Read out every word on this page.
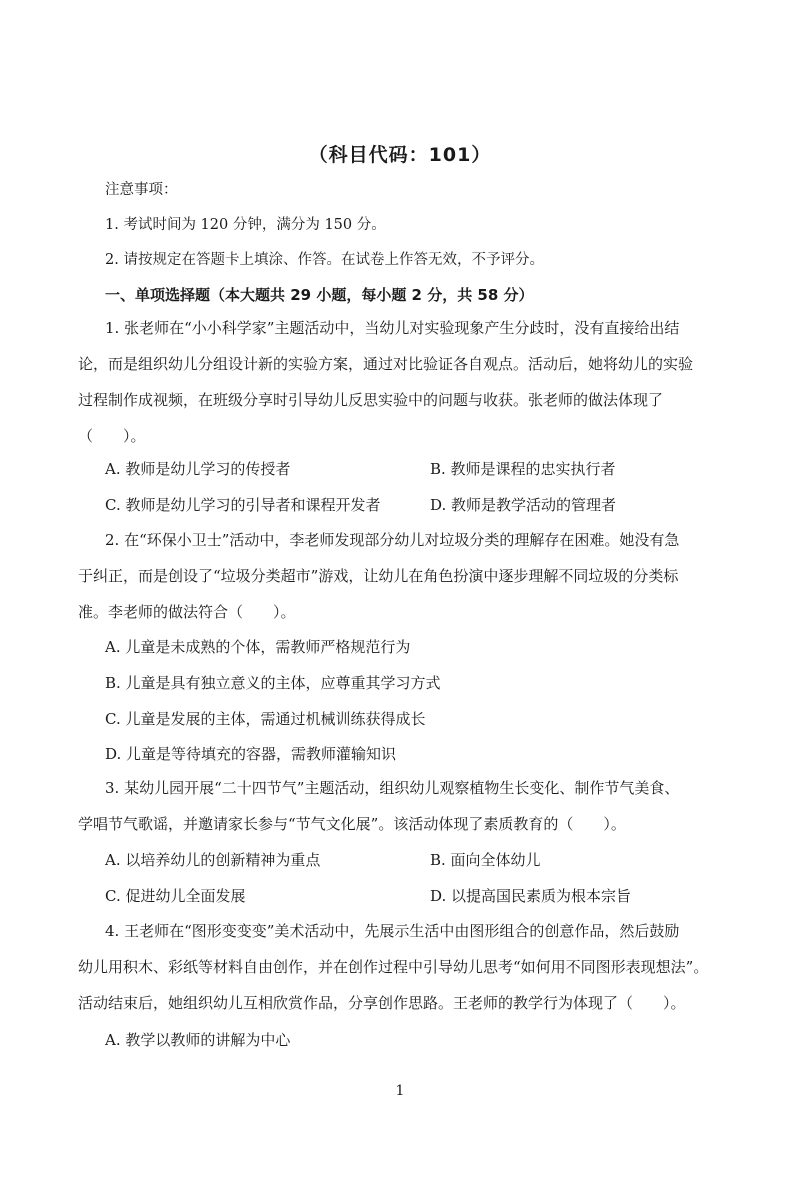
（科目代码：101）
注意事项：
1. 考试时间为 120 分钟，满分为 150 分。
2. 请按规定在答题卡上填涂、作答。在试卷上作答无效，不予评分。
一、单项选择题（本大题共 29 小题，每小题 2 分，共 58 分）
1. 张老师在“小小科学家”主题活动中，当幼儿对实验现象产生分歧时，没有直接给出结
论，而是组织幼儿分组设计新的实验方案，通过对比验证各自观点。活动后，她将幼儿的实验
过程制作成视频，在班级分享时引导幼儿反思实验中的问题与收获。张老师的做法体现了
（　　）。
A. 教师是幼儿学习的传授者	B. 教师是课程的忠实执行者
C. 教师是幼儿学习的引导者和课程开发者	D. 教师是教学活动的管理者
2. 在“环保小卫士”活动中，李老师发现部分幼儿对垃圾分类的理解存在困难。她没有急
于纠正，而是创设了“垃圾分类超市”游戏，让幼儿在角色扮演中逐步理解不同垃圾的分类标
准。李老师的做法符合（　　）。
A. 儿童是未成熟的个体，需教师严格规范行为
B. 儿童是具有独立意义的主体，应尊重其学习方式
C. 儿童是发展的主体，需通过机械训练获得成长
D. 儿童是等待填充的容器，需教师灌输知识
3. 某幼儿园开展“二十四节气”主题活动，组织幼儿观察植物生长变化、制作节气美食、
学唱节气歌谣，并邀请家长参与“节气文化展”。该活动体现了素质教育的（　　）。
A. 以培养幼儿的创新精神为重点	B. 面向全体幼儿
C. 促进幼儿全面发展	D. 以提高国民素质为根本宗旨
4. 王老师在“图形变变变”美术活动中，先展示生活中由图形组合的创意作品，然后鼓励
幼儿用积木、彩纸等材料自由创作，并在创作过程中引导幼儿思考“如何用不同图形表现想法”。
活动结束后，她组织幼儿互相欣赏作品，分享创作思路。王老师的教学行为体现了（　　）。
A. 教学以教师的讲解为中心
1
